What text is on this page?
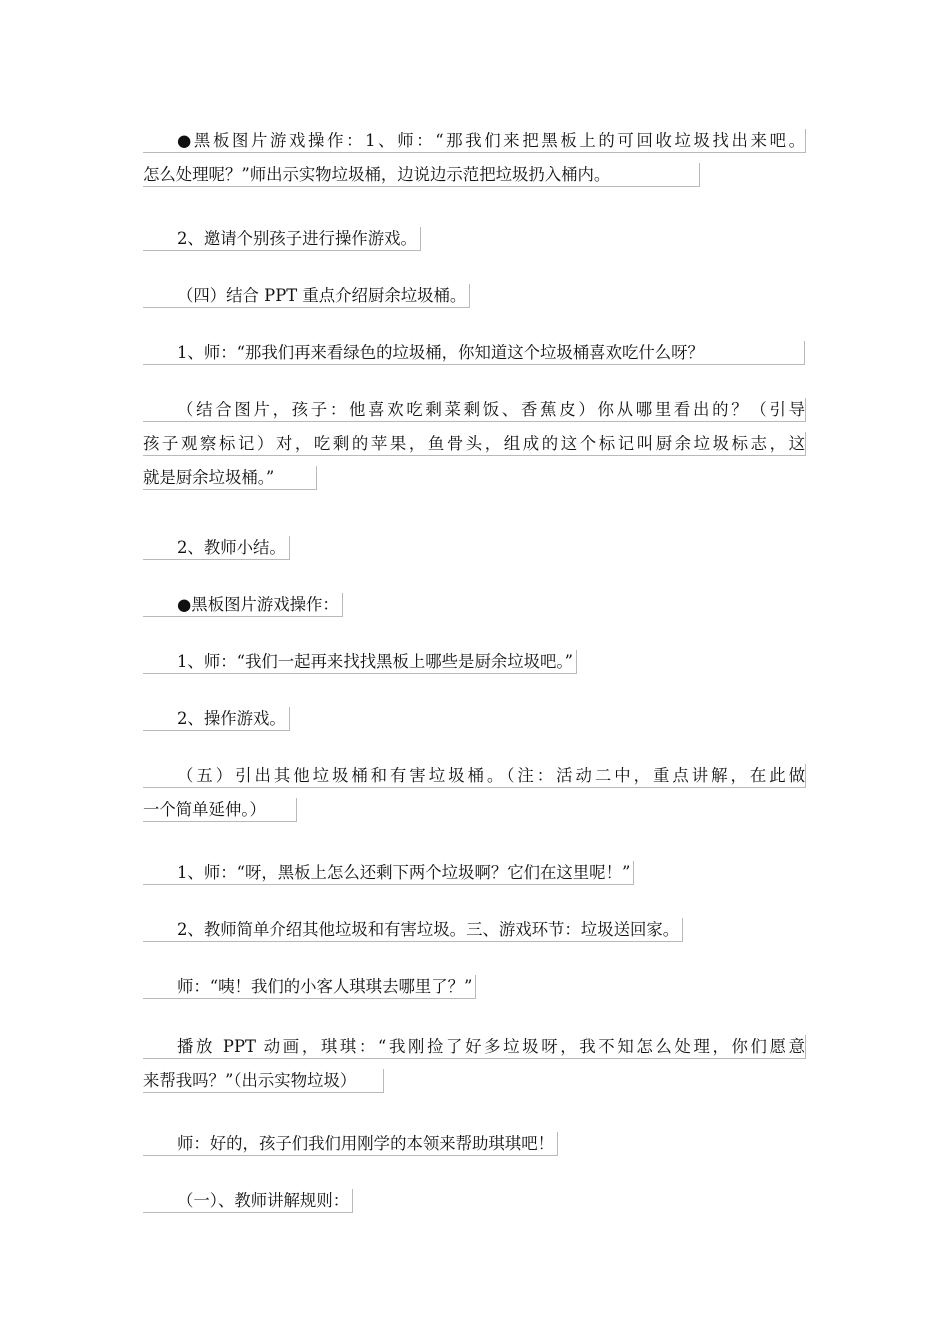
●黑板图片游戏操作：1、师：“那我们来把黑板上的可回收垃圾找出来吧。
怎么处理呢？”师出示实物垃圾桶，边说边示范把垃圾扔入桶内。
2、邀请个别孩子进行操作游戏。
（四）结合 PPT 重点介绍厨余垃圾桶。
1、师：“那我们再来看绿色的垃圾桶，你知道这个垃圾桶喜欢吃什么呀？
（结合图片，孩子：他喜欢吃剩菜剩饭、香蕉皮）你从哪里看出的？（引导
孩子观察标记）对，吃剩的苹果，鱼骨头，组成的这个标记叫厨余垃圾标志，这
就是厨余垃圾桶。”
2、教师小结。
●黑板图片游戏操作：
1、师：“我们一起再来找找黑板上哪些是厨余垃圾吧。”
2、操作游戏。
（五）引出其他垃圾桶和有害垃圾桶。（注：活动二中，重点讲解，在此做
一个简单延伸。）
1、师：“呀，黑板上怎么还剩下两个垃圾啊？它们在这里呢！”
2、教师简单介绍其他垃圾和有害垃圾。三、游戏环节：垃圾送回家。
师：“咦！我们的小客人琪琪去哪里了？”
播放 PPT 动画，琪琪：“我刚捡了好多垃圾呀，我不知怎么处理，你们愿意
来帮我吗？”（出示实物垃圾）
师：好的，孩子们我们用刚学的本领来帮助琪琪吧！
（一）、教师讲解规则：
